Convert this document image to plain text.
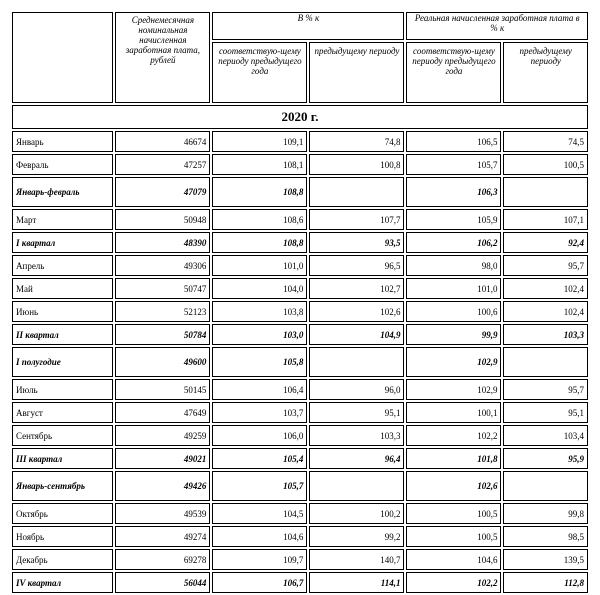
	Среднемесячная номинальная начисленная заработная плата, рублей	В % к		Реальная начисленная заработная плата в % к	
		соответствую-щему периоду предыдущего года	предыдущему периоду	соответствую-щему периоду предыдущего года	предыдущему периоду
2020 г.					
Январь	46674	109,1	74,8	106,5	74,5
Февраль	47257	108,1	100,8	105,7	100,5
Январь-февраль	47079	108,8		106,3	
Март	50948	108,6	107,7	105,9	107,1
I квартал	48390	108,8	93,5	106,2	92,4
Апрель	49306	101,0	96,5	98,0	95,7
Май	50747	104,0	102,7	101,0	102,4
Июнь	52123	103,8	102,6	100,6	102,4
II квартал	50784	103,0	104,9	99,9	103,3
I полугодие	49600	105,8		102,9	
Июль	50145	106,4	96,0	102,9	95,7
Август	47649	103,7	95,1	100,1	95,1
Сентябрь	49259	106,0	103,3	102,2	103,4
III квартал	49021	105,4	96,4	101,8	95,9
Январь-сентябрь	49426	105,7		102,6	
Октябрь	49539	104,5	100,2	100,5	99,8
Ноябрь	49274	104,6	99,2	100,5	98,5
Декабрь	69278	109,7	140,7	104,6	139,5
IV квартал	56044	106,7	114,1	102,2	112,8
